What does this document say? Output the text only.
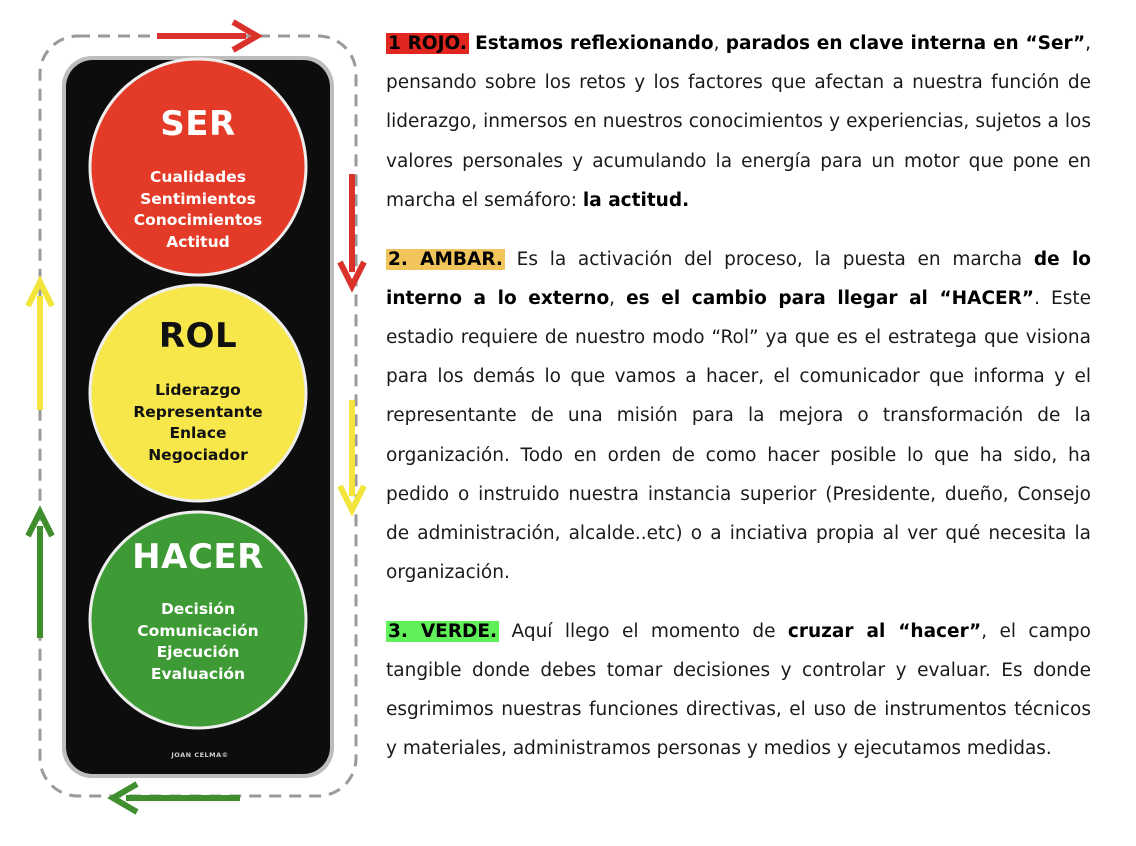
SER
Cualidades
Sentimientos
Conocimientos
Actitud
ROL
Liderazgo
Representante
Enlace
Negociador
HACER
Decisión
Comunicación
Ejecución
Evaluación
JOAN CELMA©

1 ROJO. Estamos reflexionando, parados en clave interna en “Ser”, pensando sobre los retos y los factores que afectan a nuestra función de liderazgo, inmersos en nuestros conocimientos y experiencias, sujetos a los valores personales y acumulando la energía para un motor que pone en marcha el semáforo: la actitud.

2. AMBAR. Es la activación del proceso, la puesta en marcha de lo interno a lo externo, es el cambio para llegar al “HACER”. Este estadio requiere de nuestro modo “Rol” ya que es el estratega que visiona para los demás lo que vamos a hacer, el comunicador que informa y el representante de una misión para la mejora o transformación de la organización. Todo en orden de como hacer posible lo que ha sido, ha pedido o instruido nuestra instancia superior (Presidente, dueño, Consejo de administración, alcalde..etc) o a inciativa propia al ver qué necesita la organización.

3. VERDE. Aquí llego el momento de cruzar al “hacer”, el campo tangible donde debes tomar decisiones y controlar y evaluar. Es donde esgrimimos nuestras funciones directivas, el uso de instrumentos técnicos y materiales, administramos personas y medios y ejecutamos medidas.
